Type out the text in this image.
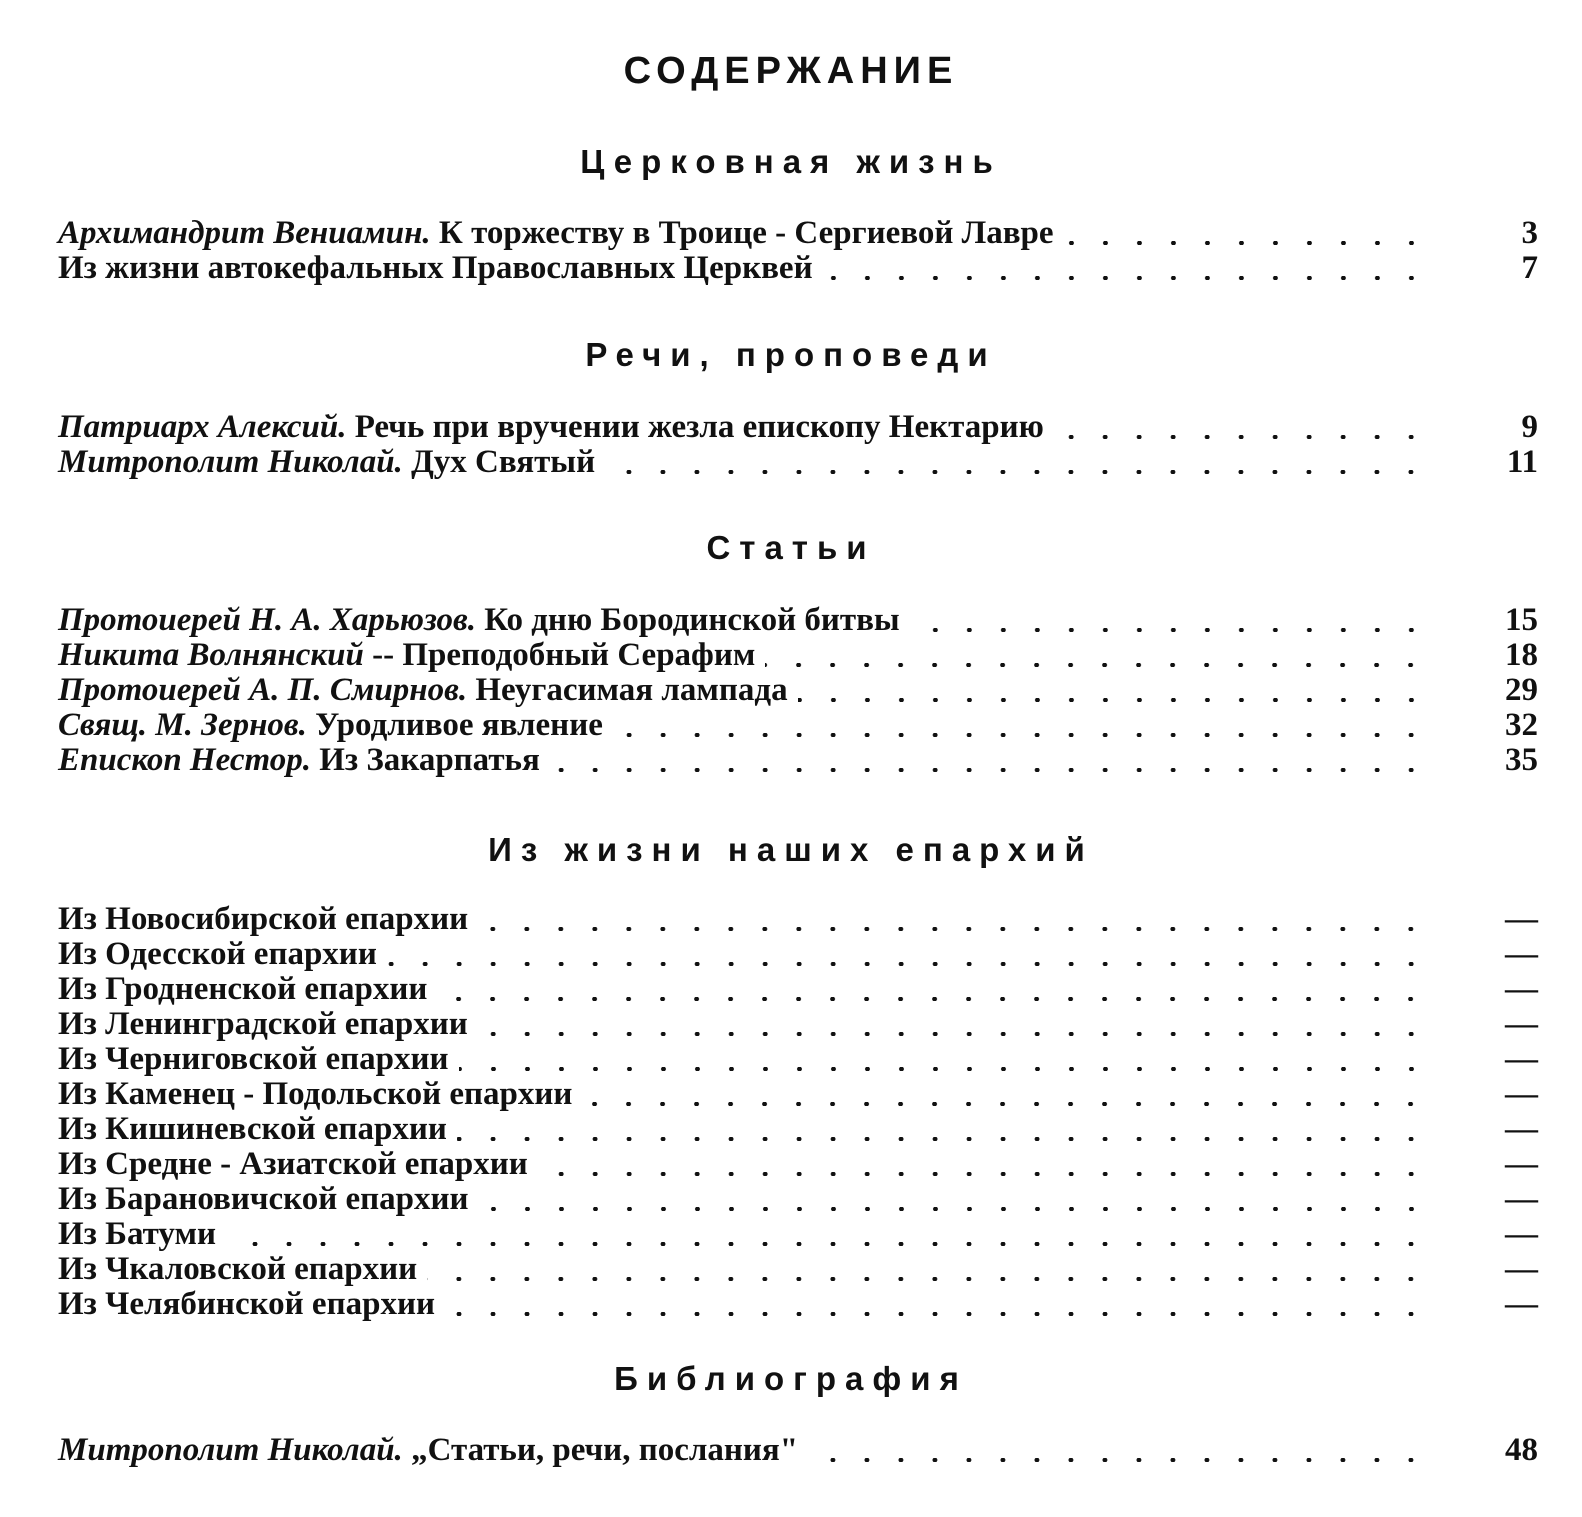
СОДЕРЖАНИЕ
Церковная жизнь
Архимандрит Вениамин. К торжеству в Троице - Сергиевой Лавре	3
Из жизни автокефальных Православных Церквей	7
Речи, проповеди
Патриарх Алексий. Речь при вручении жезла епископу Нектарию	9
Митрополит Николай. Дух Святый	11
Статьи
Протоиерей Н. А. Харьюзов. Ко дню Бородинской битвы	15
Никита Волнянский -- Преподобный Серафим	18
Протоиерей А. П. Смирнов. Неугасимая лампада	29
Свящ. М. Зернов. Уродливое явление	32
Епископ Нестор. Из Закарпатья	35
Из жизни наших епархий
Из Новосибирской епархии	—
Из Одесской епархии	—
Из Гродненской епархии	—
Из Ленинградской епархии	—
Из Черниговской епархии	—
Из Каменец - Подольской епархии	—
Из Кишиневской епархии	—
Из Средне - Азиатской епархии	—
Из Барановичской епархии	—
Из Батуми	—
Из Чкаловской епархии	—
Из Челябинской епархии	—
Библиография
Митрополит Николай. „Статьи, речи, послания"	48
